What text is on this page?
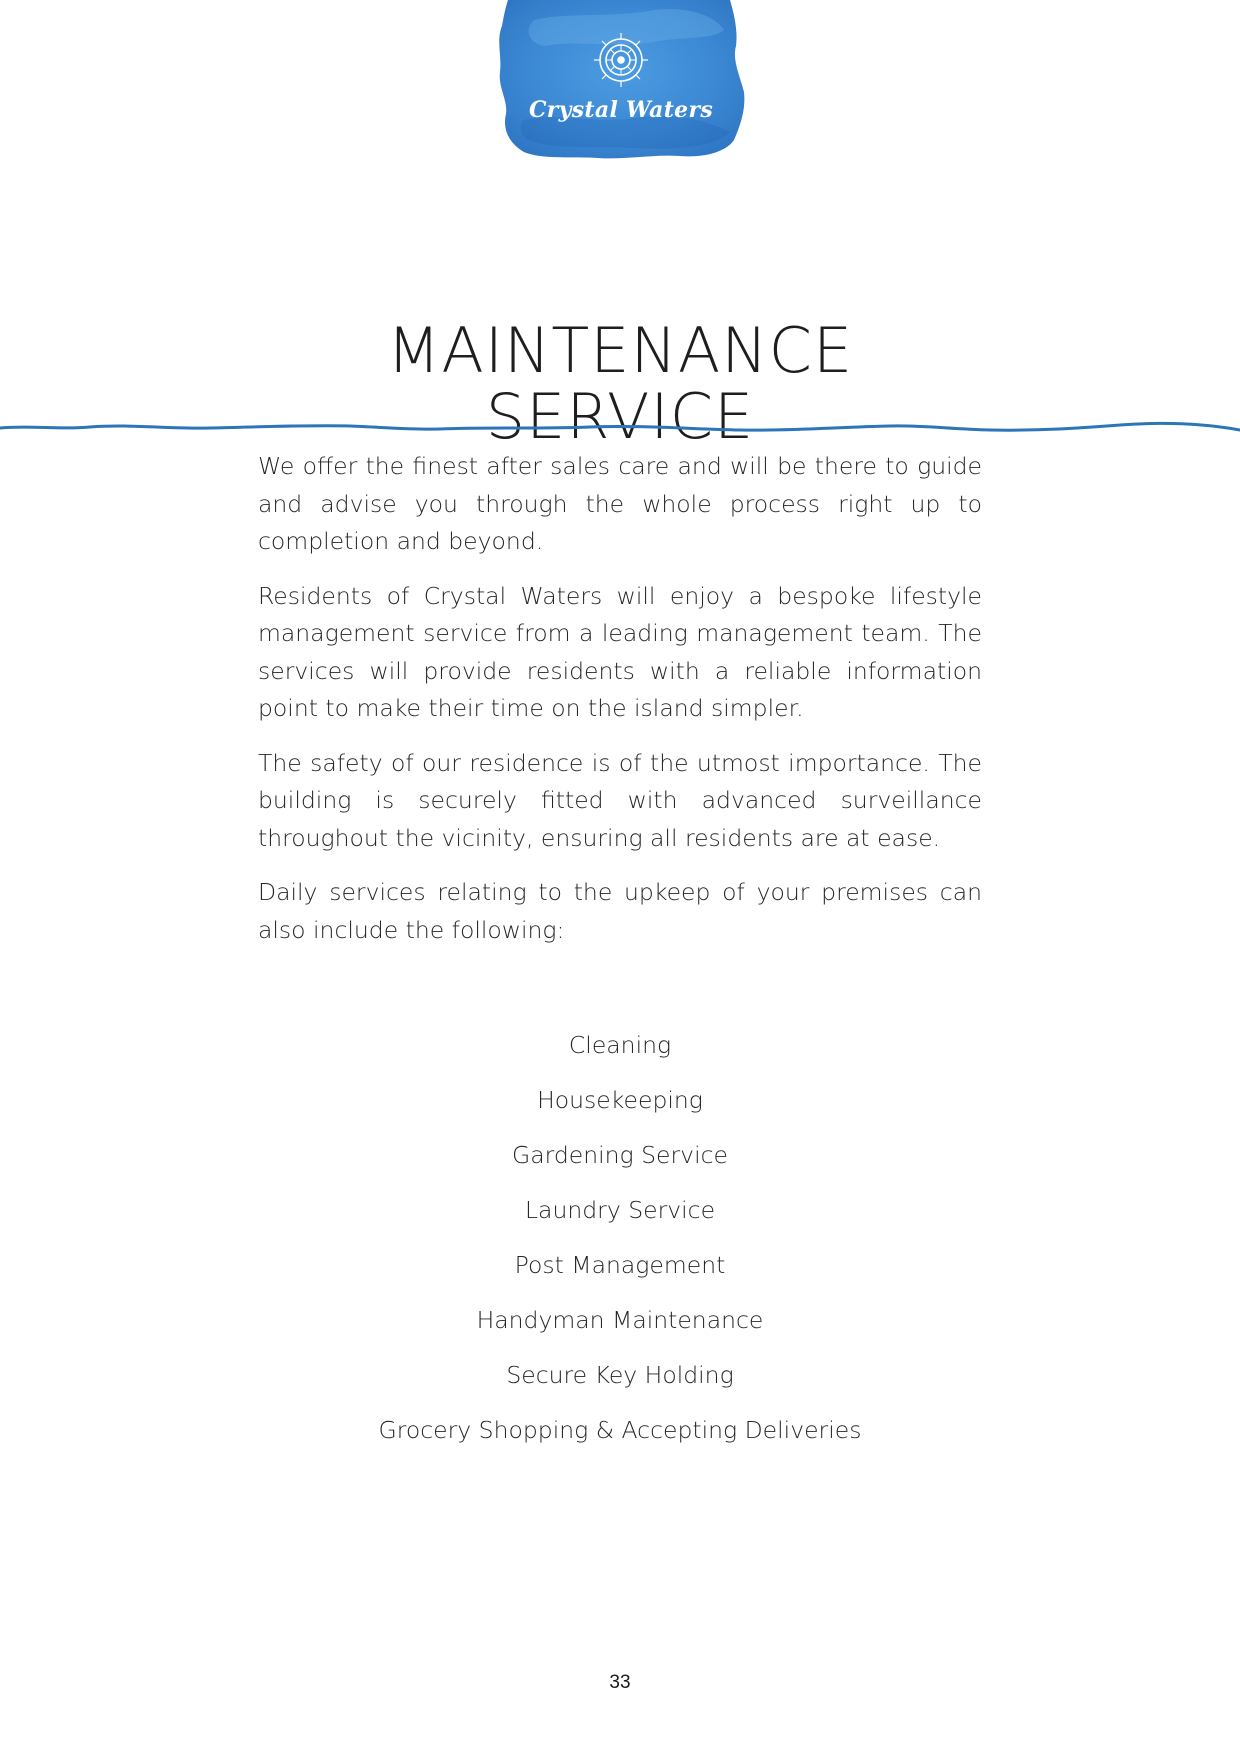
Crystal Waters
MAINTENANCE
SERVICE

We offer the finest after sales care and will be there to guide and advise you through the whole process right up to completion and beyond.

Residents of Crystal Waters will enjoy a bespoke lifestyle management service from a leading management team. The services will provide residents with a reliable information point to make their time on the island simpler.

The safety of our residence is of the utmost importance. The building is securely fitted with advanced surveillance throughout the vicinity, ensuring all residents are at ease.

Daily services relating to the upkeep of your premises can also include the following:

Cleaning
Housekeeping
Gardening Service
Laundry Service
Post Management
Handyman Maintenance
Secure Key Holding
Grocery Shopping & Accepting Deliveries
33
